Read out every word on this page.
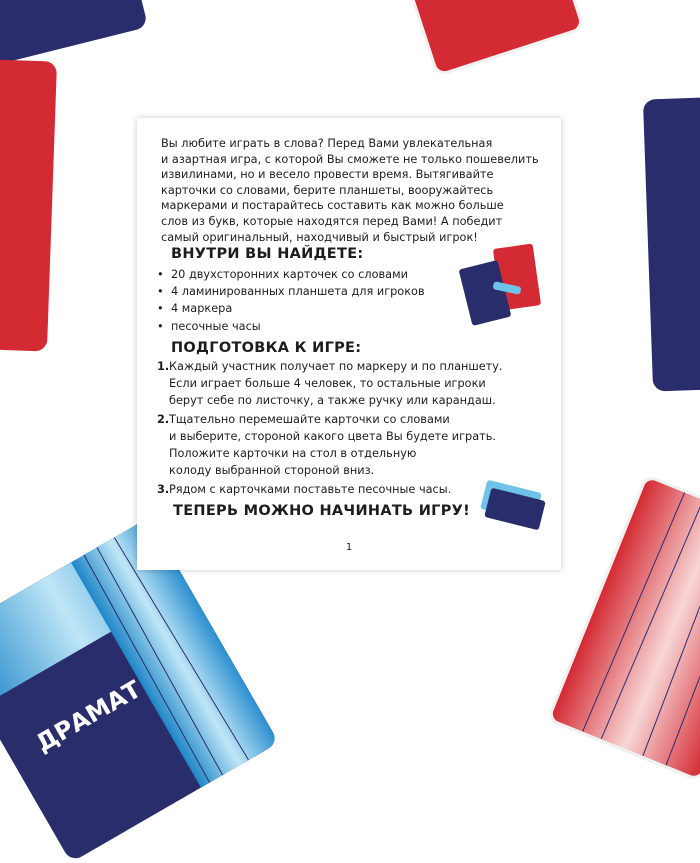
ДРАМАТ

Вы любите играть в слова? Перед Вами увлекательная

и азартная игра, с которой Вы сможете не только пошевелить

извилинами, но и весело провести время. Вытягивайте

карточки со словами, берите планшеты, вооружайтесь

маркерами и постарайтесь составить как можно больше

слов из букв, которые находятся перед Вами! А победит

самый оригинальный, находчивый и быстрый игрок!

ВНУТРИ ВЫ НАЙДЕТЕ:
• 20 двухсторонних карточек со словами
• 4 ламинированных планшета для игроков
• 4 маркера
• песочные часы
ПОДГОТОВКА К ИГРЕ:
1. Каждый участник получает по маркеру и по планшету.
Если играет больше 4 человек, то остальные игроки
берут себе по листочку, а также ручку или карандаш.
2. Тщательно перемешайте карточки со словами
и выберите, стороной какого цвета Вы будете играть.
Положите карточки на стол в отдельную
колоду выбранной стороной вниз.
3. Рядом с карточками поставьте песочные часы.
ТЕПЕРЬ МОЖНО НАЧИНАТЬ ИГРУ!
1
